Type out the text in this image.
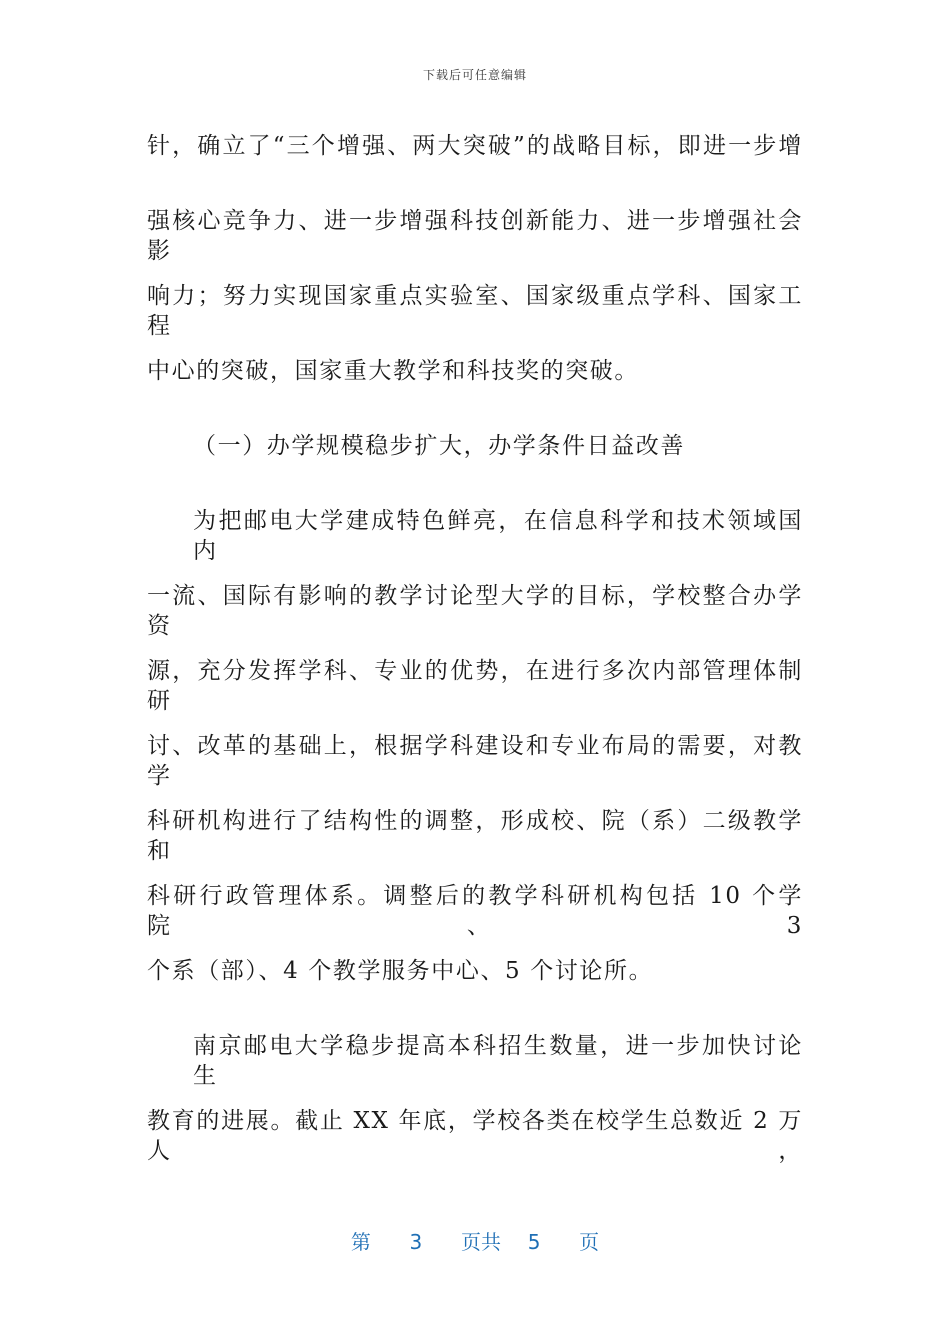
下载后可任意编辑
针，确立了“三个增强、两大突破”的战略目标，即进一步增
强核心竞争力、进一步增强科技创新能力、进一步增强社会影
响力；努力实现国家重点实验室、国家级重点学科、国家工程
中心的突破，国家重大教学和科技奖的突破。
（一）办学规模稳步扩大，办学条件日益改善
为把邮电大学建成特色鲜亮，在信息科学和技术领域国内
一流、国际有影响的教学讨论型大学的目标，学校整合办学资
源，充分发挥学科、专业的优势，在进行多次内部管理体制研
讨、改革的基础上，根据学科建设和专业布局的需要，对教学
科研机构进行了结构性的调整，形成校、院（系）二级教学和
科研行政管理体系。调整后的教学科研机构包括 10 个学院、3
个系（部）、4 个教学服务中心、5 个讨论所。
南京邮电大学稳步提高本科招生数量，进一步加快讨论生
教育的进展。截止 XX 年底，学校各类在校学生总数近 2 万人，
第 3 页共 5 页
